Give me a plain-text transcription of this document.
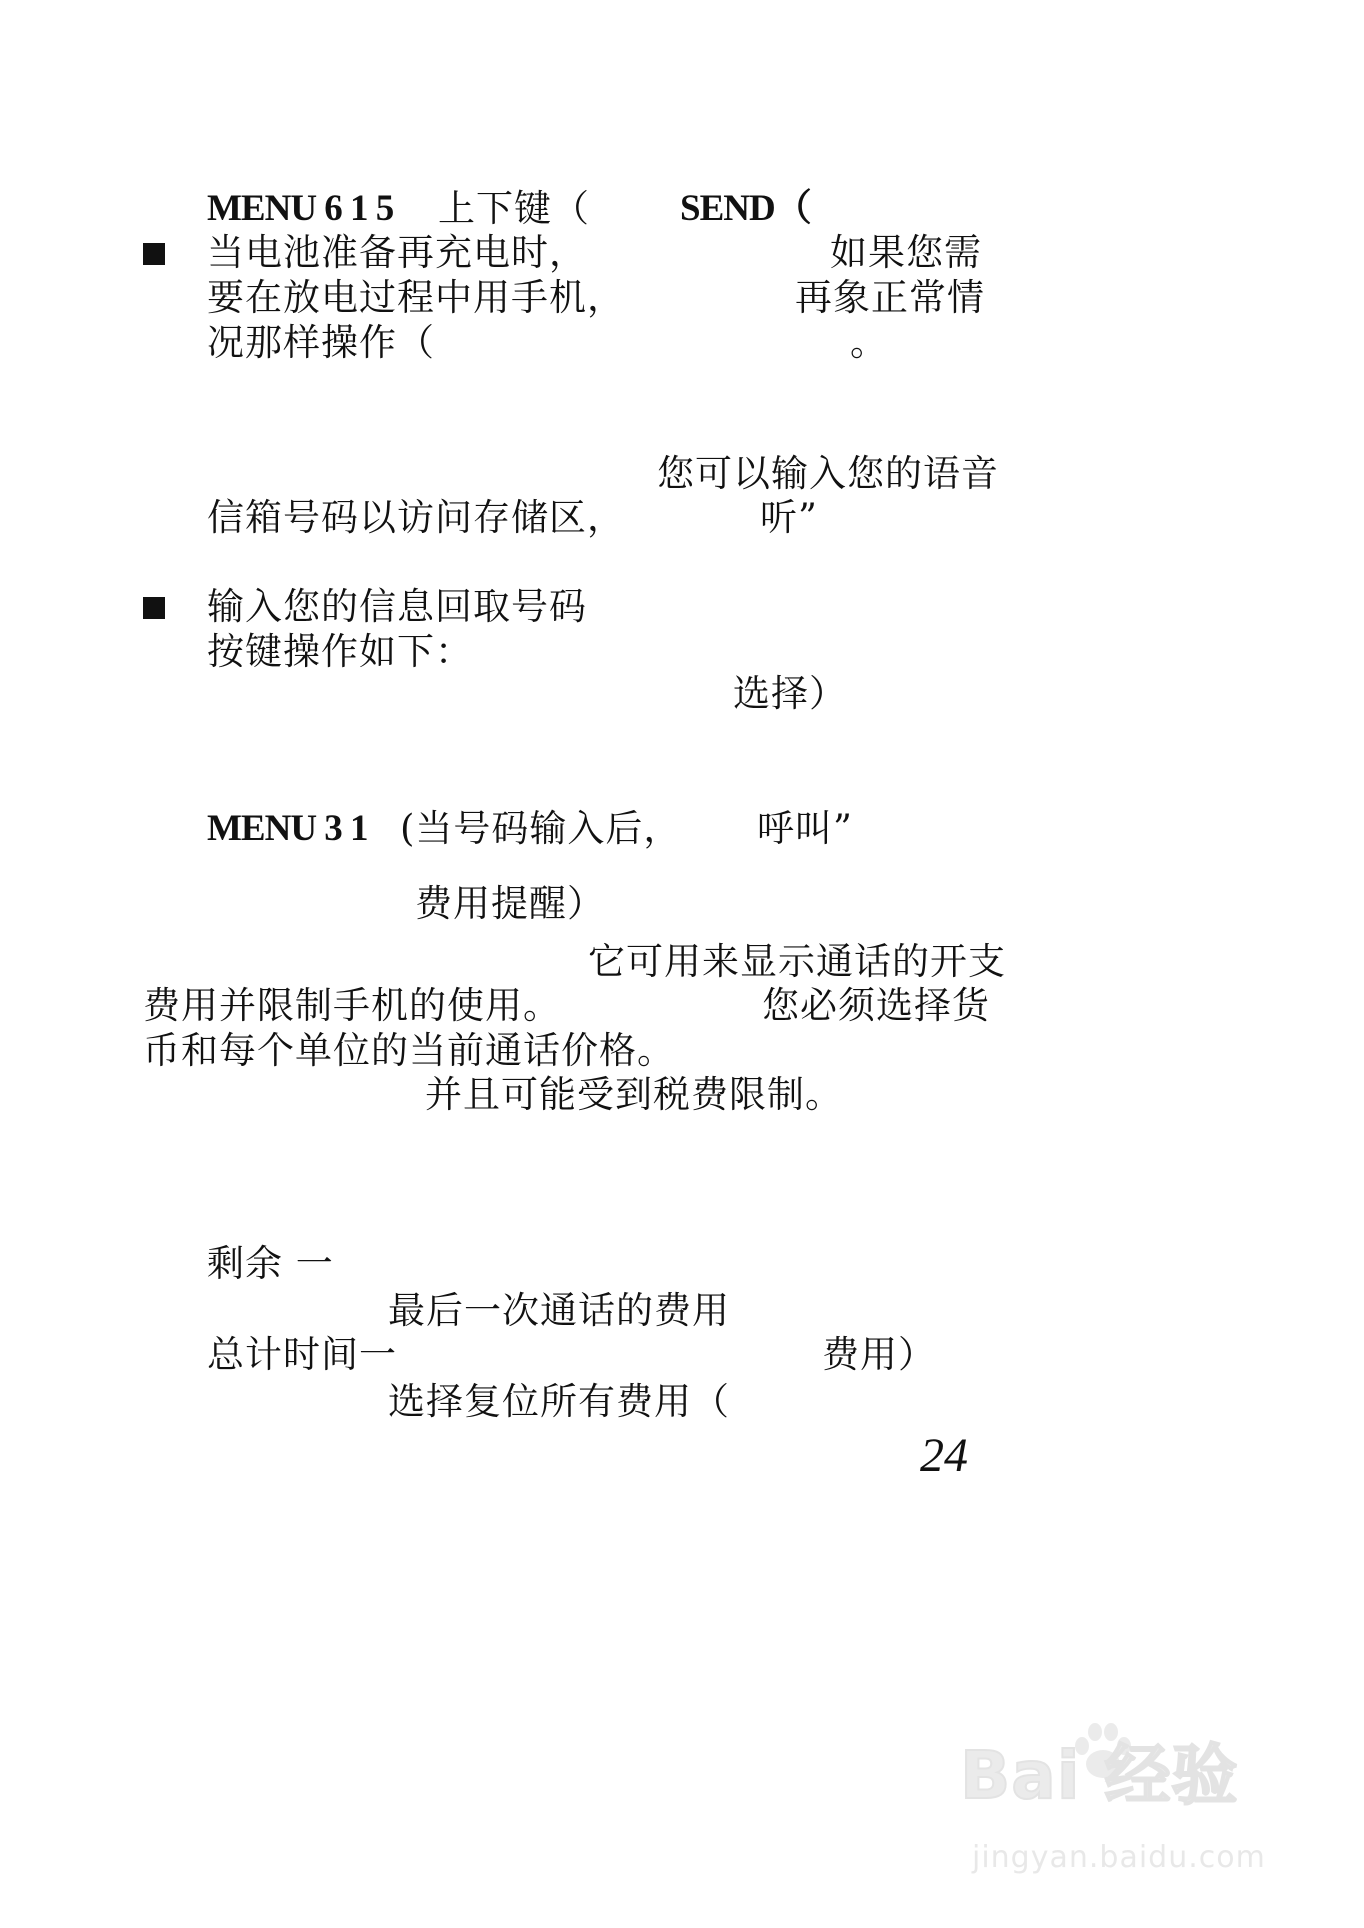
MENU 6 1 5 上下键（ SEND（
当电池准备再充电时，	如果您需
要在放电过程中用手机，	再象正常情
况那样操作（	。
您可以输入您的语音
信箱号码以访问存储区，	听”
输入您的信息回取号码
按键操作如下：
选择）
MENU 3 1 (当号码输入后， 呼叫”
费用提醒）
它可用来显示通话的开支
费用并限制手机的使用。	您必须选择货
币和每个单位的当前通话价格。
并且可能受到税费限制。
剩余 一
最后一次通话的费用
总计时间一	费用）
选择复位所有费用（
24
Bai 经验
jingyan.baidu.com
